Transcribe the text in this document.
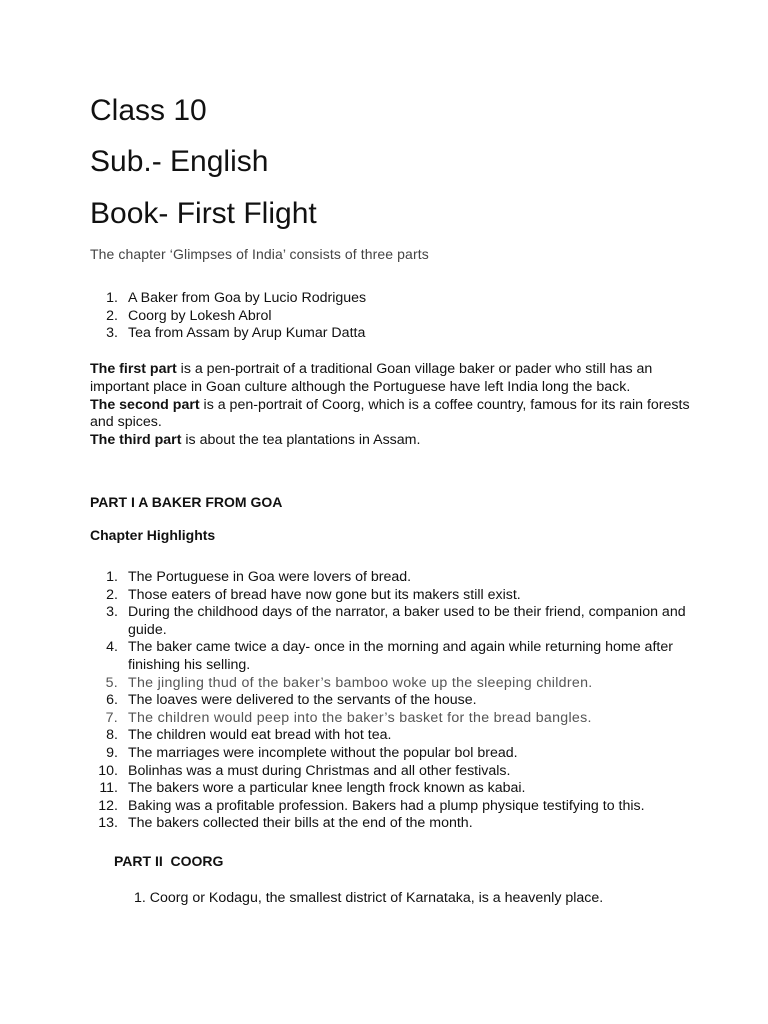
Class 10
Sub.- English
Book- First Flight
The chapter ‘Glimpses of India’ consists of three parts
1. A Baker from Goa by Lucio Rodrigues
2. Coorg by Lokesh Abrol
3. Tea from Assam by Arup Kumar Datta

The first part is a pen-portrait of a traditional Goan village baker or pader who still has an important place in Goan culture although the Portuguese have left India long the back.

The second part is a pen-portrait of Coorg, which is a coffee country, famous for its rain forests and spices.

The third part is about the tea plantations in Assam.

PART I A BAKER FROM GOA
Chapter Highlights
1. The Portuguese in Goa were lovers of bread.
2. Those eaters of bread have now gone but its makers still exist.
3. During the childhood days of the narrator, a baker used to be their friend, companion and guide.
4. The baker came twice a day- once in the morning and again while returning home after finishing his selling.
5. The jingling thud of the baker’s bamboo woke up the sleeping children.
6. The loaves were delivered to the servants of the house.
7. The children would peep into the baker’s basket for the bread bangles.
8. The children would eat bread with hot tea.
9. The marriages were incomplete without the popular bol bread.
10. Bolinhas was a must during Christmas and all other festivals.
11. The bakers wore a particular knee length frock known as kabai.
12. Baking was a profitable profession. Bakers had a plump physique testifying to this.
13. The bakers collected their bills at the end of the month.
PART II  COORG
1. Coorg or Kodagu, the smallest district of Karnataka, is a heavenly place.
